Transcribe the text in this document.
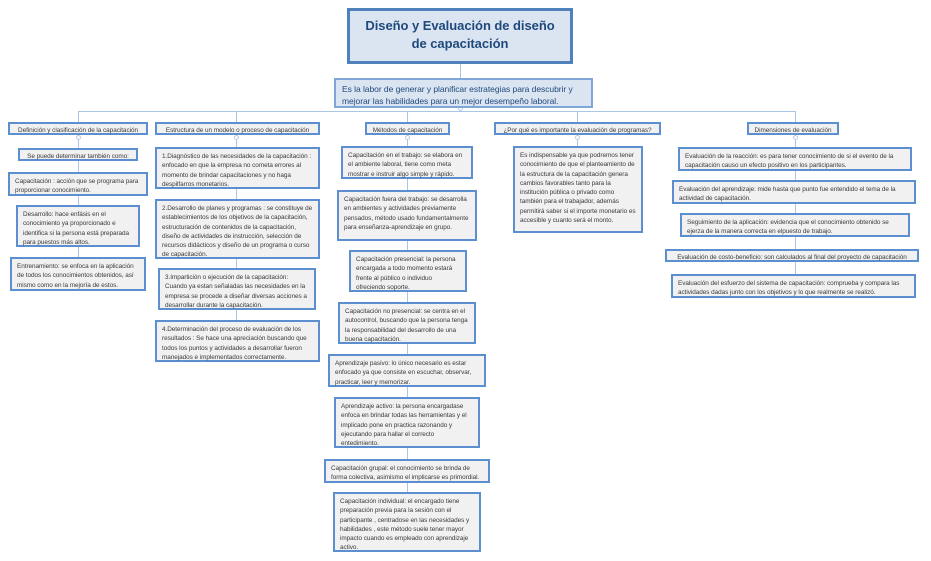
Diseño y Evaluación de diseño de capacitación
Es la labor de generar y planificar estrategias para descubrir y mejorar las habilidades para un mejor desempeño laboral.
Definición y clasificación de la capacitación
Se puede determinar también como:
Capacitación : acción que se programa para proporcionar conocimiento.
Desarrollo: hace enfásis en el conocimiento ya proporcionado e identifica si la persona está preparada para puestos más altos.
Entrenamiento: se enfoca en la aplicación de todos los conocimientos obtenidos, así mismo como en la mejoría de estos.
Estructura de un modelo o proceso de capacitación
1.Diagnóstico de las necesidades de la capacitación : enfocado en que la empresa no cometa errores al momento de brindar capacitaciones y no haga despilfarros monetarios.
2.Desarrollo de planes y programas : se constituye de establecimientos de los objetivos de la capacitación, estructuración de contenidos de la capacitación, diseño de actividades de instrucción, selección de recursos didácticos y diseño de un programa o curso de capacitación.
3.Impartición o ejecución de la capacitación: Cuando ya estan señaladas las necesidades en la empresa se procede a diseñar diversas acciones a desarrollar durante la capacitación.
4.Determinación del proceso de evaluación de los resultados : Se hace una apreciación buscando que todos los puntos y actividades a desarrollar fueron manejados e implementados correctamente.
Métodos de capacitación
Capacitación en el trabajo: se elabora en el ambiente laboral, tiene como meta mostrar e instruir algo simple y rápido.
Capacitación fuera del trabajo: se desarrolla en ambientes y actividades previamente pensados, método usado fundamentalmente para enseñanza-aprendizaje en grupo.
Capacitación presencial: la persona encargada a todo momento estará frente al público o individuo ofreciendo soporte.
Capacitación no presencial: se centra en el autocontrol, buscando que la persona tenga la responsabilidad del desarrollo de una buena capacitación.
Aprendizaje pasivo: lo único necesario es estar enfocado ya que consiste en escuchar, observar, practicar, leer y memorizar.
Aprendizaje activo: la persona encargadase enfoca en brindar todas las herramientas y el implicado pone en practica razonando y ejecutando para hallar el correcto entedimiento.
Capacitación grupal: el conocimiento se brinda de forma colectiva, asimismo el implicarse es primordial.
Capacitación individual: el encargado tiene preparación previa para la sesión con el participante , centradose en las necesidades y habilidades , este método suele tener mayor impacto cuando es empleado con aprendizaje activo.
¿Por qué es importante la evaluación de programas?
Es indispensable ya que podremos tener conocimiento de que el planteamiento de la estructura de la capacitación genera cambios favorables tanto para la institución pública o privado como también para el trabajador, además permitirá saber si el importe monetario es accesible y cuanto será el monto.
Dimensiones de evaluación
Evaluación de la reacción: es para tener conocimiento de si el evento de la capacitación causo un efecto positivo en los participantes.
Evaluación del aprendizaje: mide hasta que punto fue entendido el tema de la actividad de capacitación.
Seguimiento de la aplicación: evidencia que el conocimiento obtenido se ejerza de la manera correcta en elpuesto de trabajo.
Evaluación de costo-beneficio: son calculados al final del proyecto de capacitación
Evaluación del esfuerzo del sistema de capacitación: comprueba y compara las actividades dadas junto con los objetivos y lo que realmente se realizó.
